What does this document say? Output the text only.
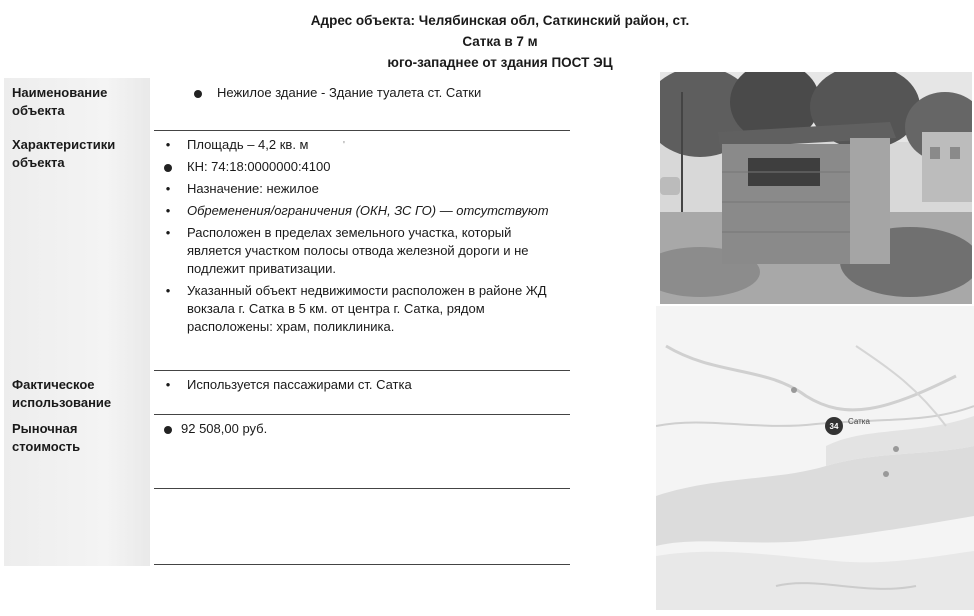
Адрес объекта: Челябинская обл, Саткинский район, ст. Сатка в 7 м
юго-западнее от здания ПОСТ ЭЦ
Наименование объекта
Нежилое здание - Здание туалета ст. Сатки
Характеристики объекта
•	Площадь – 4,2 кв. м
КН: 74:18:0000000:4100
•	Назначение: нежилое
•	Обременения/ограничения (ОКН, ЗС ГО) — отсутствуют
•	Расположен в пределах земельного участка, который является участком полосы отвода железной дороги и не подлежит приватизации.
•	Указанный объект недвижимости расположен в районе ЖД вокзала г. Сатка в 5 км. от центра г. Сатка, рядом расположены: храм, поликлиника.
Фактическое использование
•	Используется пассажирами ст. Сатка
Рыночная стоимость
92 508,00 руб.
'
34
Сатка
